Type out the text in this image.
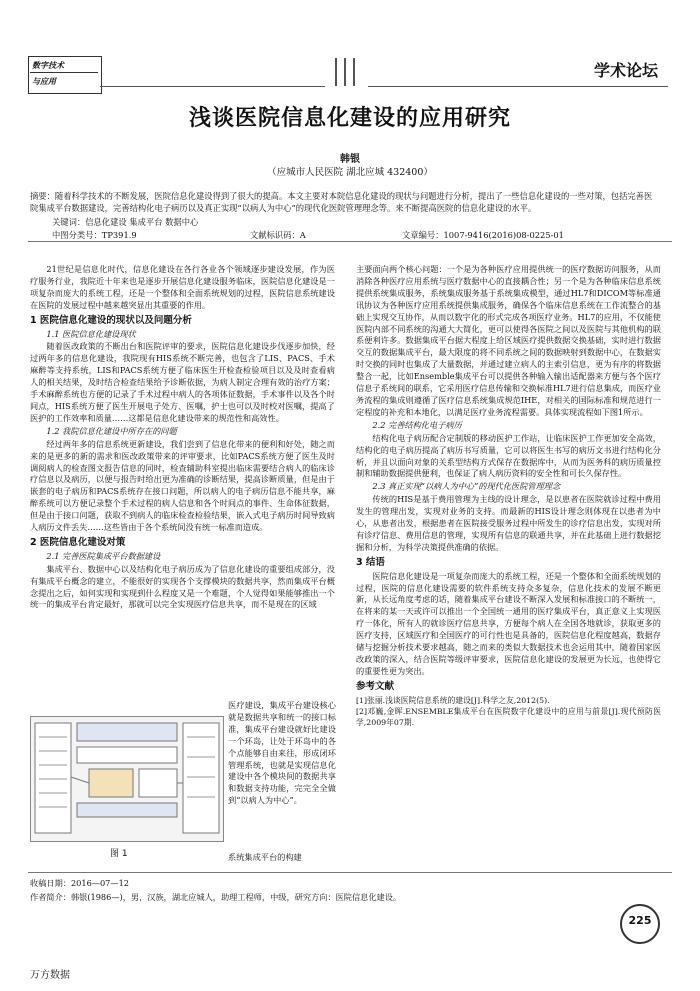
数字技术
与应用
学术论坛
浅谈医院信息化建设的应用研究
韩银
（应城市人民医院 湖北应城 432400）
摘要：随着科学技术的不断发展，医院信息化建设得到了很大的提高。本文主要对本院信息化建设的现状与问题进行分析，提出了一些信息化建设的一些对策，包括完善医院集成平台数据建设，完善结构化电子病历以及真正实现“以病人为中心”的现代化医院管理理念等。来不断提高医院的信息化建设的水平。
关键词：信息化建设 集成平台 数据中心
中图分类号：TP391.9	文献标识码：A	文章编号：1007-9416(2016)08-0225-01

21世纪是信息化时代，信息化建设在各行各业各个领域逐步建设发展，作为医疗服务行业，我院近十年来也是逐步开展信息化建设服务临床，医院信息化建设是一项复杂而庞大的系统工程，还是一个整体和全面系统规划的过程，医院信息系统建设在医院的发展过程中越来越突显出其重要的作用。

1 医院信息化建设的现状以及问题分析
1.1 医院信息化建设现状

随着医改政策的不断出台和医院评审的要求，医院信息化建设步伐逐步加快，经过两年多的信息化建设，我院现有HIS系统不断完善，也包含了LIS、PACS、手术麻醉等支持系统，LIS和PACS系统方便了临床医生开检查检验项目以及及时查看病人的相关结果，及时结合检查结果给予诊断依据，为病人制定合理有效的治疗方案；手术麻醉系统也方便的记录了手术过程中病人的各项体征数据，手术事件以及各个时间点，HIS系统方便了医生开展电子处方、医嘱，护士也可以及时校对医嘱，提高了医护的工作效率和质量……这都是信息化建设带来的规范性和高效性。

1.2 我院信息化建设中所存在的问题

经过两年多的信息系统更新建设，我们尝到了信息化带来的便利和好处，随之而来的是更多的新的需求和医改政策带来的评审要求，比如PACS系统方便了医生及时调阅病人的检查图文报告信息的同时，检查辅助科室提出临床需要结合病人的临床诊疗信息以及病历，以便与报告时给出更为准确的诊断结果，提高诊断质量，但是由于嵌套的电子病历和PACS系统存在接口问题，所以病人的电子病历信息不能共享，麻醉系统可以方便记录整个手术过程的病人信息和各个时间点的事件、生命体征数据，但是由于接口问题，获取不到病人的临床检查检验结果，嵌入式电子病历时间导致病人病历文件丢失……这些皆由于各个系统间没有统一标准而造成。

2 医院信息化建设对策
2.1 完善医院集成平台数据建设

集成平台、数据中心以及结构化电子病历成为了信息化建设的重要组成部分，没有集成平台概念的建立，不能很好的实现各个支撑模块的数据共享，然而集成平台概念提出之后，如何实现和实现到什么程度又是一个难题，个人觉得如果能够推出一个统一的集成平台肯定最好，那就可以完全实现医疗信息共享，而不是现在的区域

图 1
医疗建设，集成平台建设核心就是数据共享和统一的接口标准，集成平台建设就好比建设一个环岛，让处于环岛中的各个点能够自由来往，形成闭环管理系统，也就是实现信息化建设中各个模块间的数据共享和数据支持功能，完完全全做到“以病人为中心”。
系统集成平台的构建

主要面向两个核心问题：一个是为各种医疗应用提供统一的医疗数据访问服务，从而消除各种医疗应用系统与医疗数据中心的直接耦合性；另一个是为各种临床信息系统提供系统集成服务，系统集成服务基于系统集成模型，通过HL7和DICOM等标准通讯协议为各种医疗应用系统提供集成服务，确保各个临床信息系统在工作流整合的基础上实现交互协作，从而以数字化的形式完成各项医疗业务。HL7的应用，不仅能使医院内部不同系统的沟通大大简化，更可以使得各医院之间以及医院与其他机构的联系便利许多。数据集成平台据大程度上给区域医疗提供数据交换基础，实时进行数据交互的数据集成平台，最大限度的将不同系统之间的数据映射到数据中心，在数据实时交换的同时也集成了大量数据，并通过建立病人的主索引信息，更为有序的将数据整合一起，比如Ensemble集成平台可以提供各种输入输出适配器来方便与各个医疗信息子系统间的联系，它采用医疗信息传输和交换标准HL7进行信息集成，而医疗业务流程的集成则遵循了医疗信息系统集成规范IHE，对相关的国际标准和规范进行一定程度的补充和本地化，以满足医疗业务流程需要。具体实现流程如下图1所示。

2.2 完善结构化电子病历

结构化电子病历配合定制版的移动医护工作站，让临床医护工作更加安全高效，结构化的电子病历提高了病历书写质量，它可以将医生书写的病历文书进行结构化分析，并且以面向对象的关系型结构方式保存在数据库中，从而为医务科的病历质量控制和辅助数据提供便利，也保证了病人病历资料的安全性和可长久保存性。

2.3 真正实现“以病人为中心”的现代化医院管理理念

传统的HIS是基于费用管理为主线的设计理念，是以患者在医院就诊过程中费用发生的管理出发，实现对业务的支持。而最新的HIS设计理念则体现在以患者为中心，从患者出发，根据患者在医院接受服务过程中所发生的诊疗信息出发，实现对所有诊疗信息、费用信息的管理，实现所有信息的联通共享，并在此基础上进行数据挖掘和分析，为科学决策提供准确的依据。

3 结语

医院信息化建设是一项复杂而庞大的系统工程，还是一个整体和全面系统规划的过程，医院的信息化建设需要的软件系统支持众多复杂，信息化技术的发展不断更新，从长远角度考虑的话，随着集成平台建设不断深入发展和标准接口的不断统一，在将来的某一天或许可以推出一个全国统一通用的医疗集成平台，真正意义上实现医疗一体化，所有人的就诊医疗信息共享，方便每个病人在全国各地就诊，获取更多的医疗支持，区域医疗和全国医疗的可行性也是具备的，医院信息化程度越高，数据存储与挖掘分析技术要求越高，随之而来的类似大数据技术也会运用其中，随着国家医改政策的深入，结合医院等级评审要求，医院信息化建设的发展更为长远，也使得它的重要性更为突出。

参考文献
[1]张丽.浅谈医院信息系统的建设[J].科学之友,2012(5).
[2]邓巍,金晖.ENSEMBLE集成平台在医院数字化建设中的应用与前景[J].现代预防医学,2009年07期.
收稿日期：2016—07—12
作者简介：韩银(1986—)，男，汉族，湖北应城人，助理工程师，中级，研究方向：医院信息化建设。
225
万方数据
